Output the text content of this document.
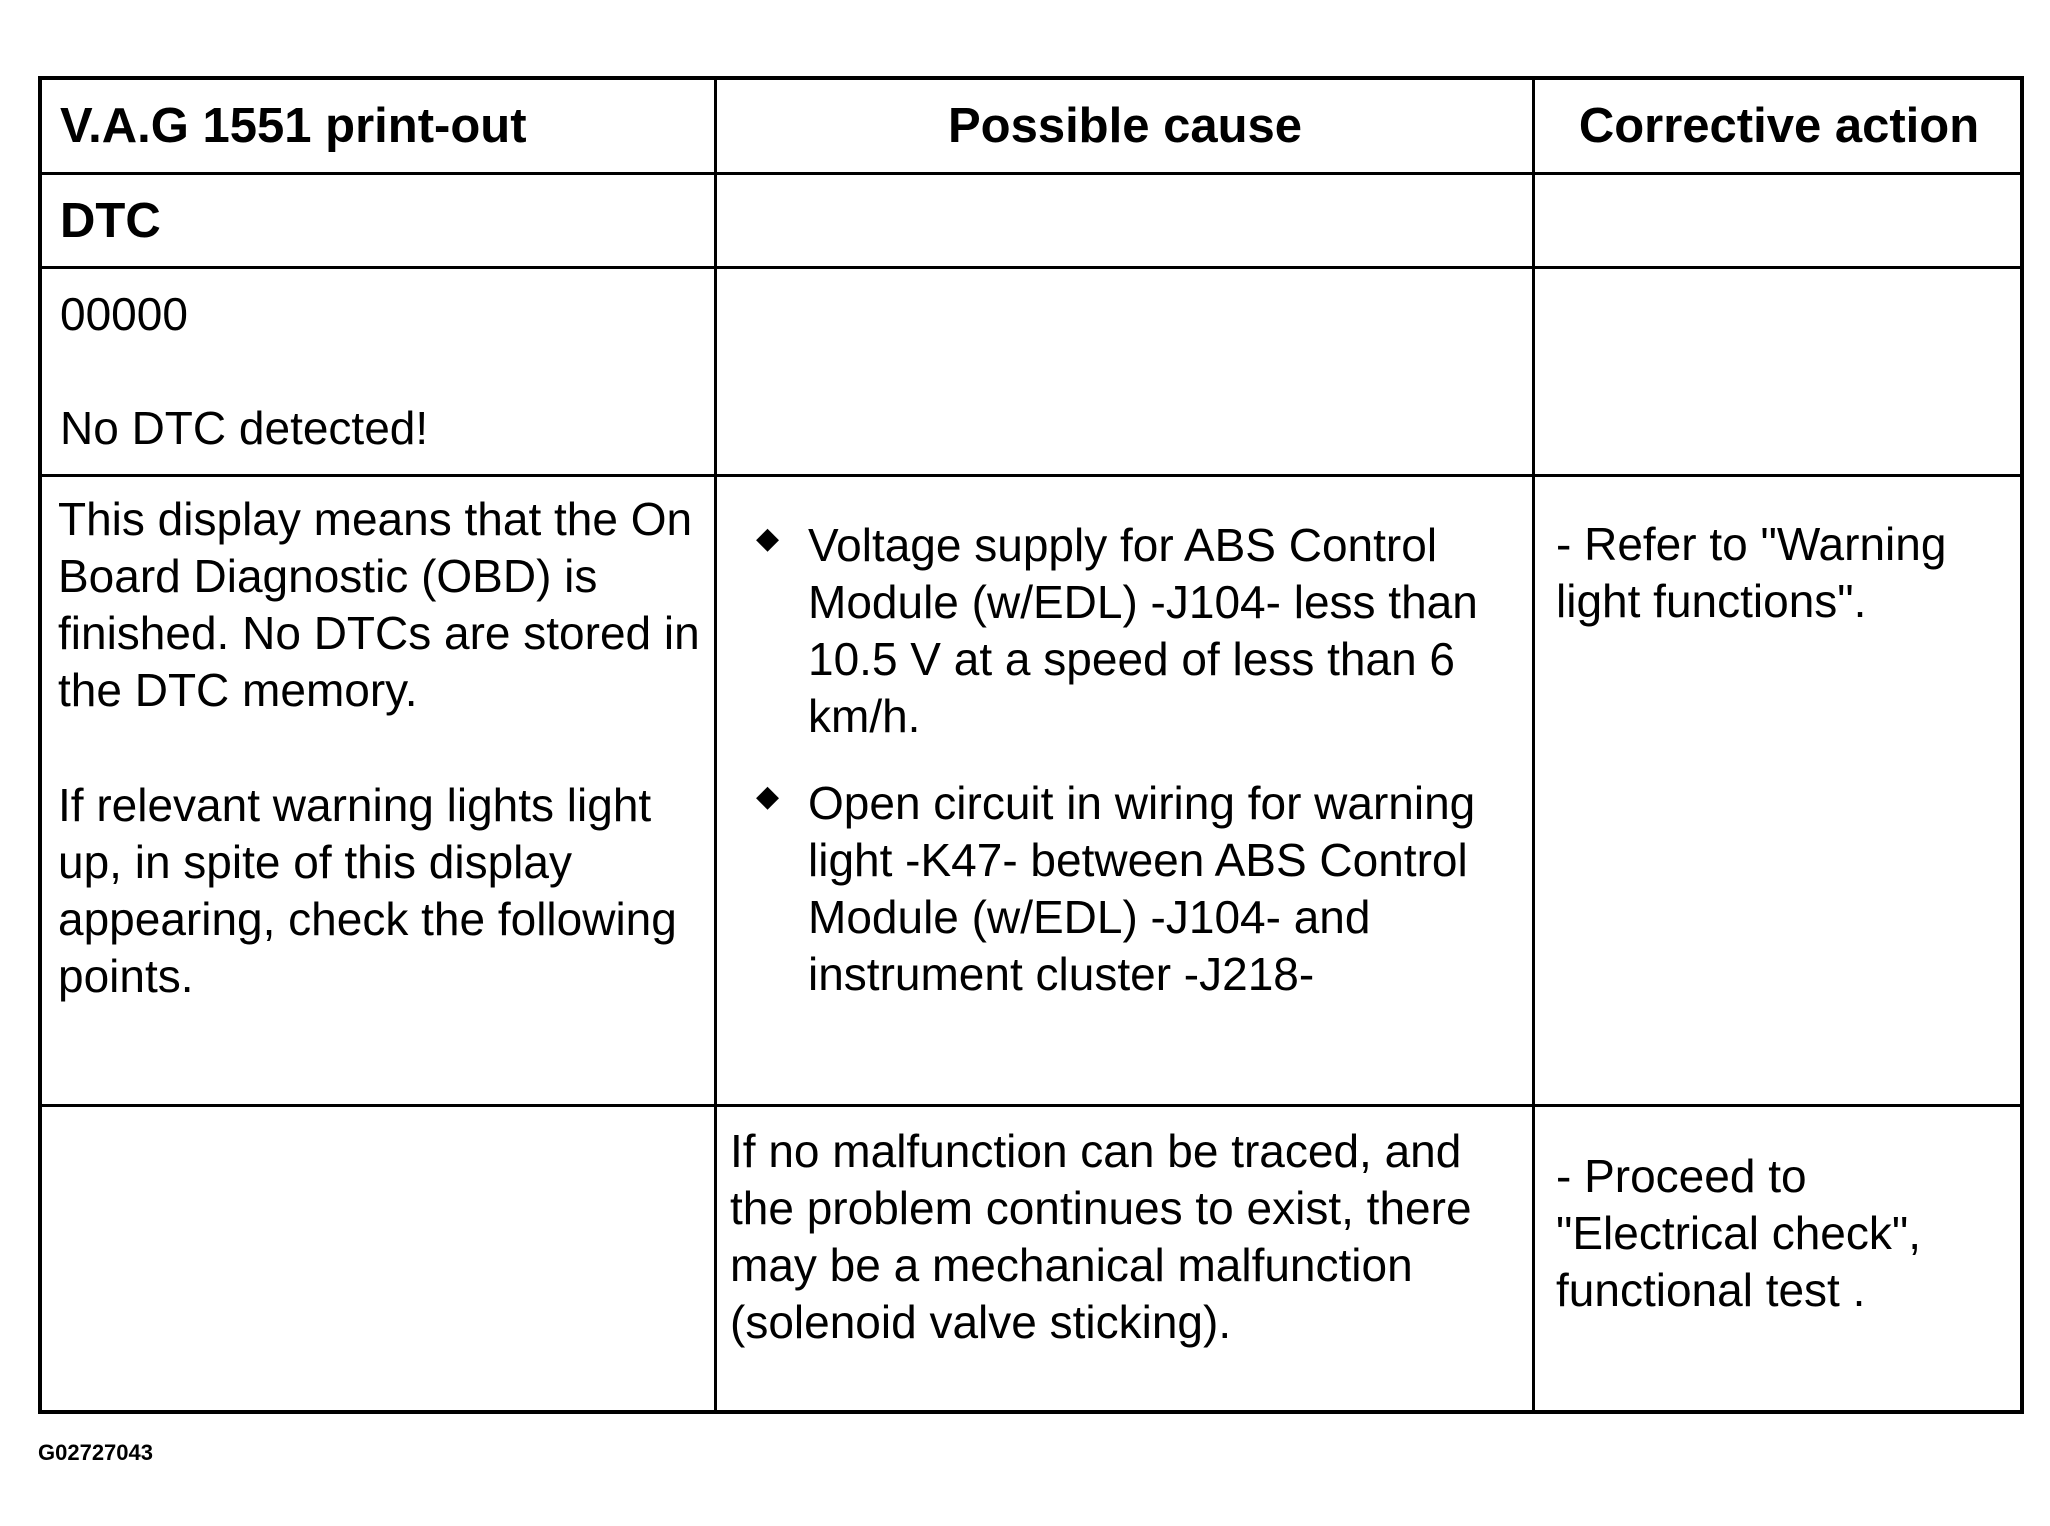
V.A.G 1551 print-out	Possible cause	Corrective action
DTC
00000
No DTC detected!
This display means that the On Board Diagnostic (OBD) is finished. No DTCs are stored in the DTC memory.
If relevant warning lights light up, in spite of this display appearing, check the following points.
◆ Voltage supply for ABS Control Module (w/EDL) -J104- less than 10.5 V at a speed of less than 6 km/h.
◆ Open circuit in wiring for warning light -K47- between ABS Control Module (w/EDL) -J104- and instrument cluster -J218-
- Refer to "Warning light functions".
If no malfunction can be traced, and the problem continues to exist, there may be a mechanical malfunction (solenoid valve sticking).
- Proceed to "Electrical check", functional test .
G02727043
